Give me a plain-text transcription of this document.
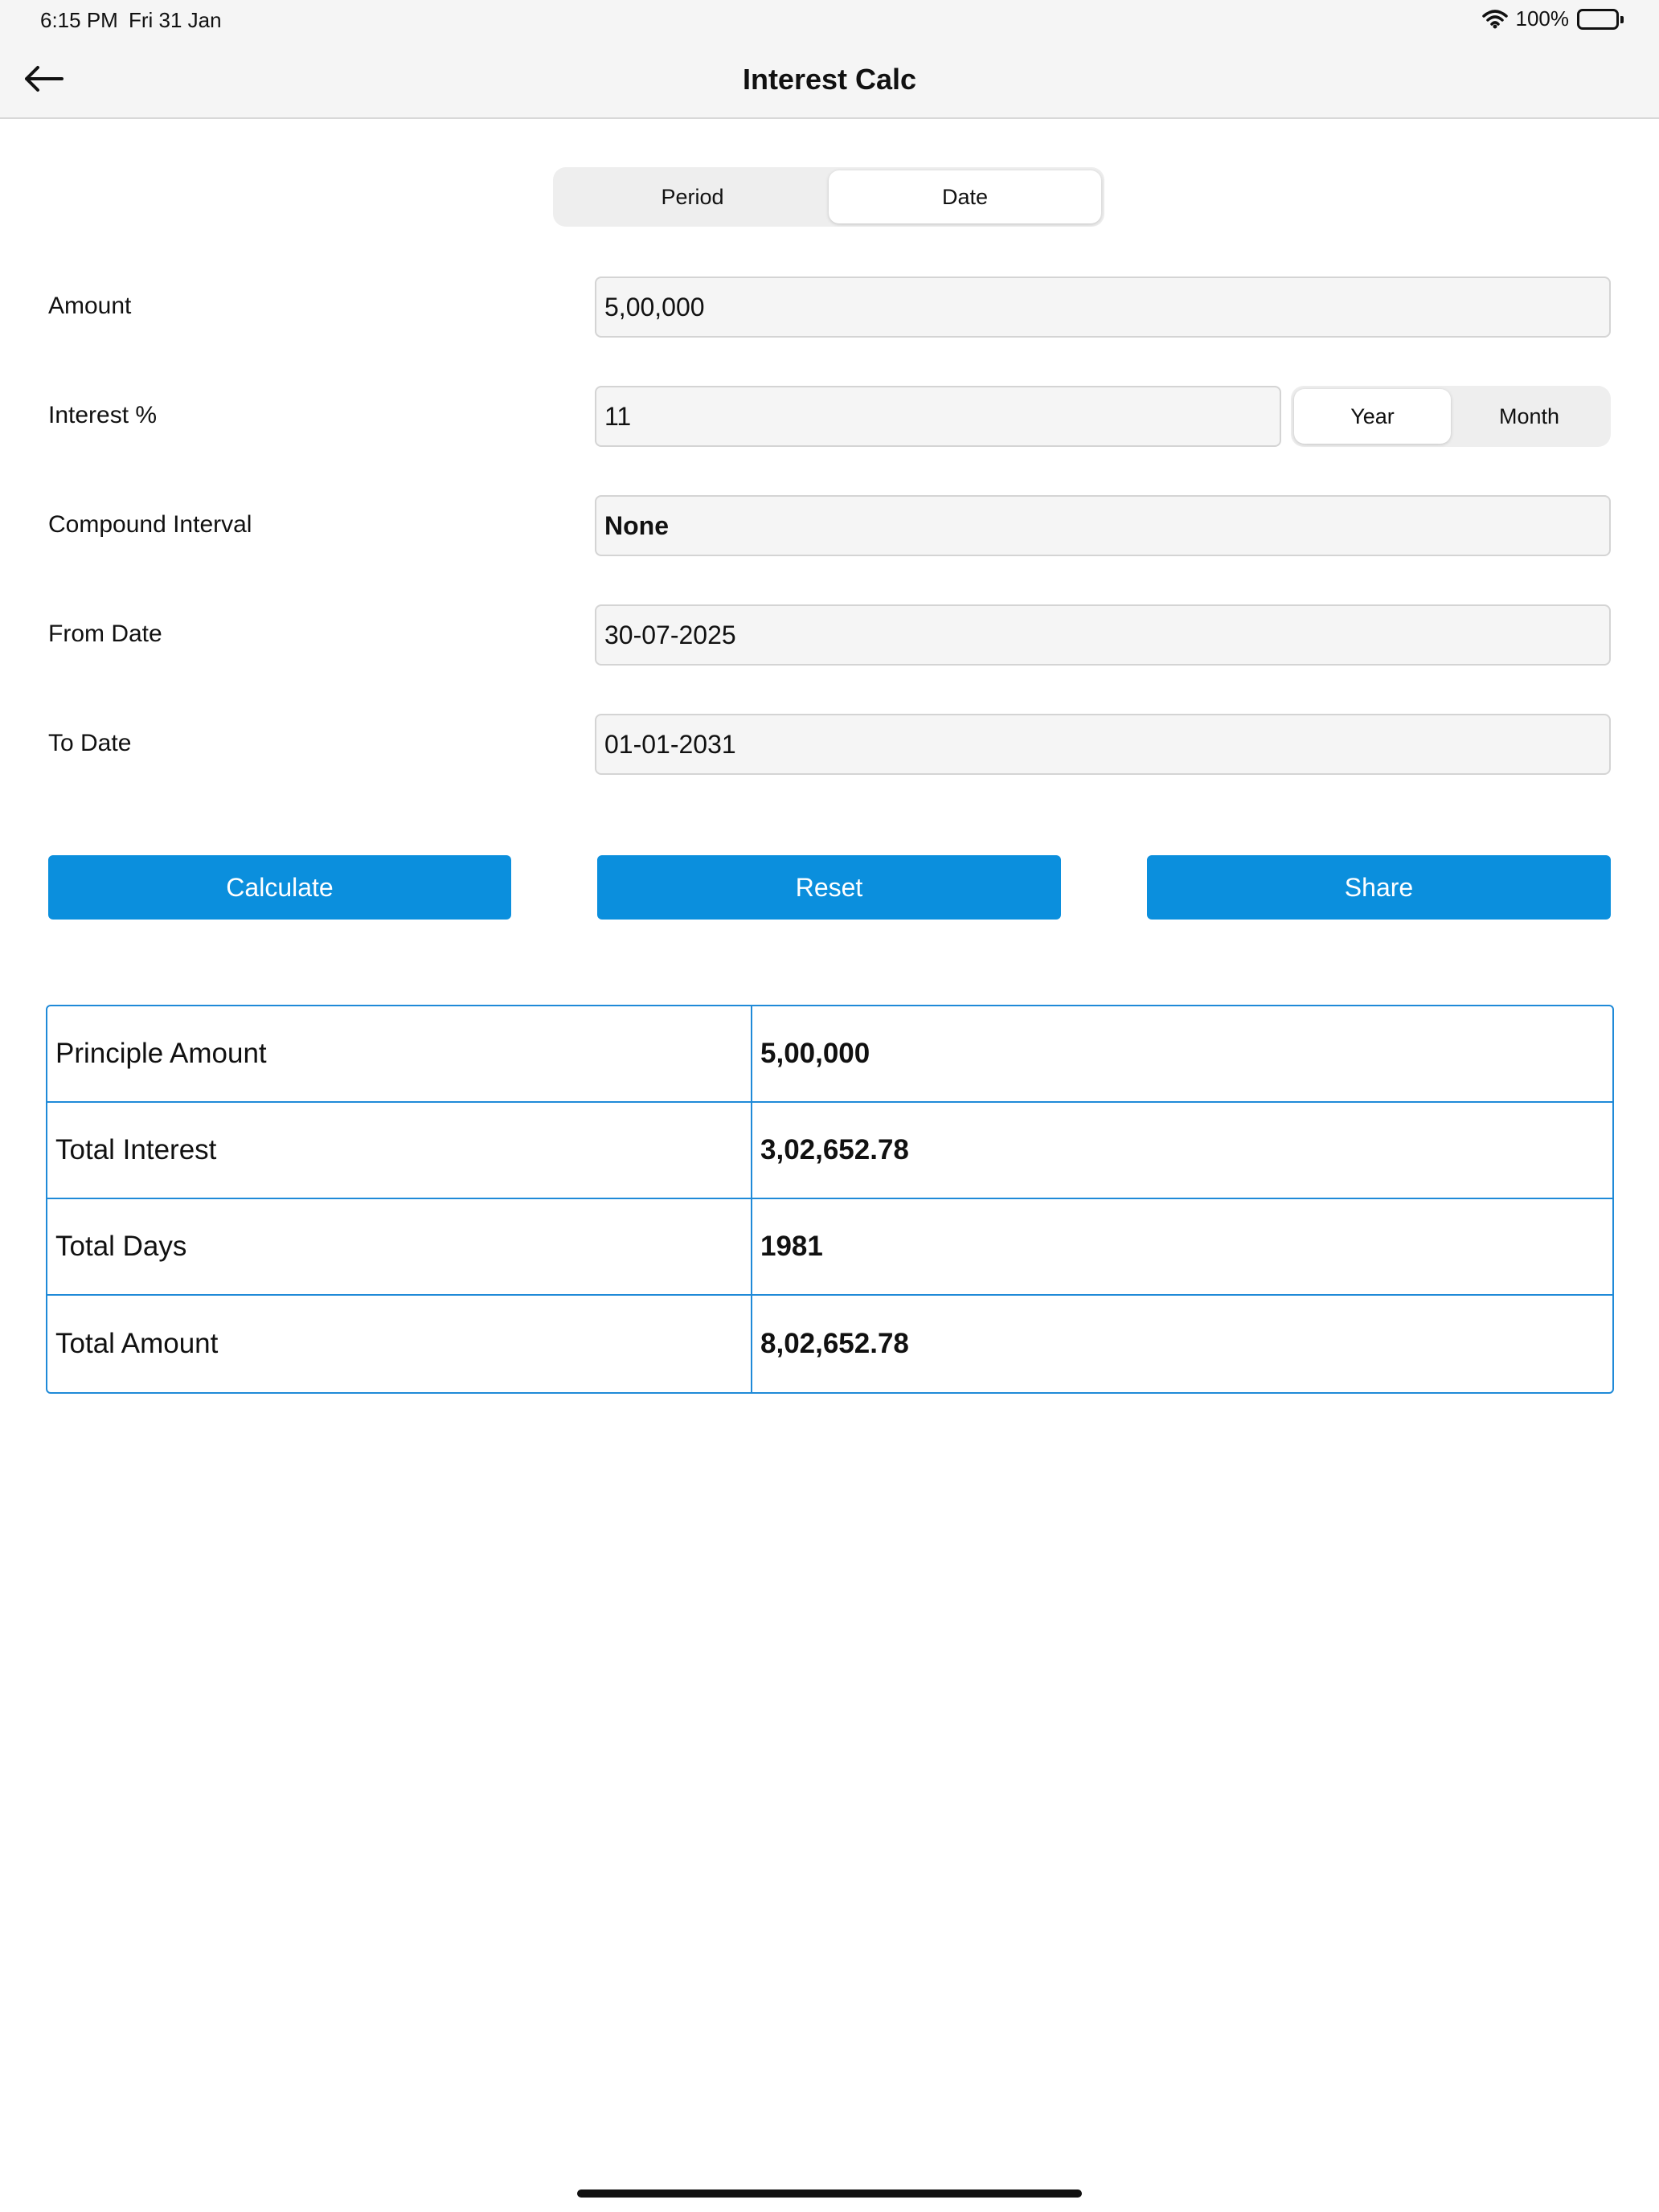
6:15 PM Fri 31 Jan	100%
Interest Calc
Period	Date
Amount	5,00,000
Interest %	11	Year	Month
Compound Interval	None
From Date	30-07-2025
To Date	01-01-2031
Calculate	Reset	Share
Principle Amount	5,00,000
Total Interest	3,02,652.78
Total Days	1981
Total Amount	8,02,652.78
